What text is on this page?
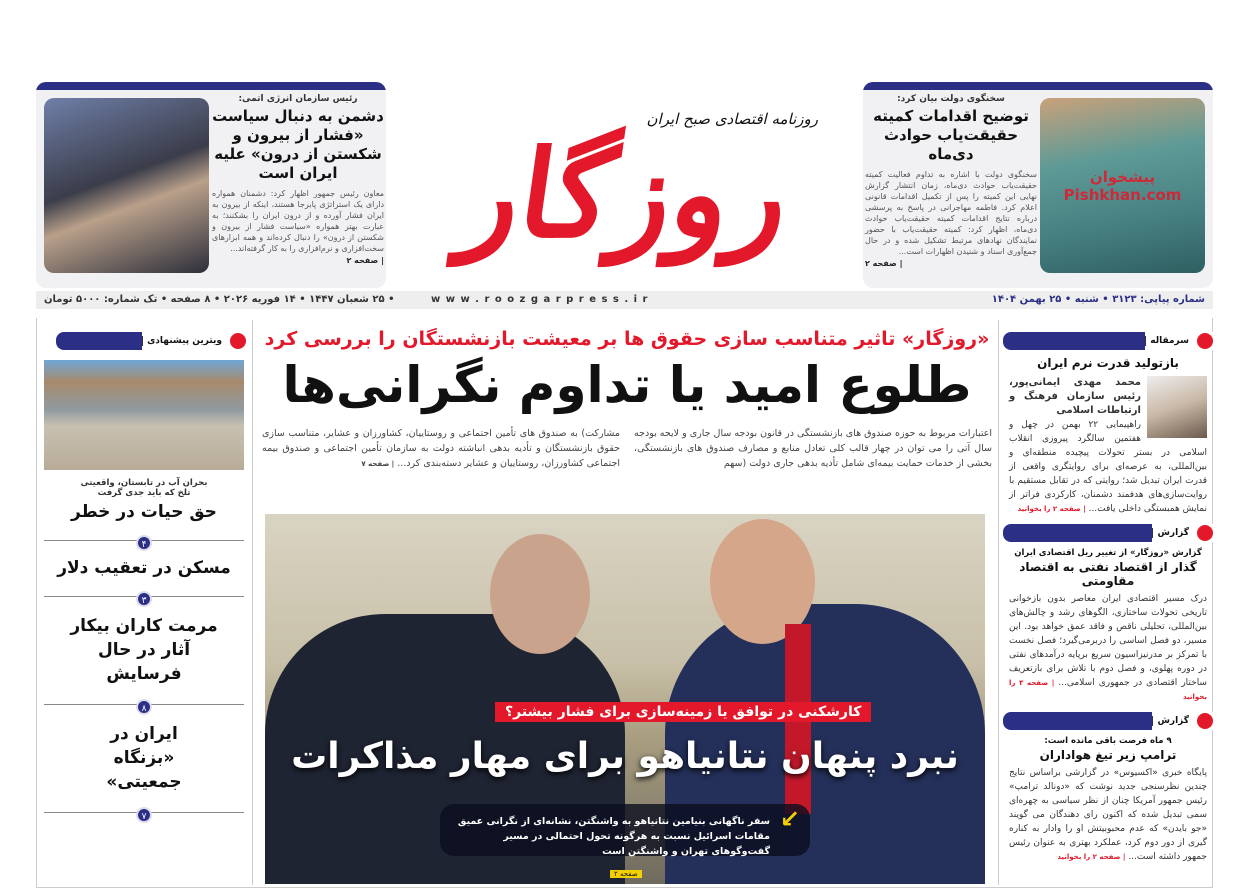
رئیس سازمان انرژی اتمی:
دشمن به دنبال سیاست «فشار از بیرون و شکستن از درون» علیه ایران است
معاون رئیس جمهور اظهار کرد: دشمنان همواره دارای یک استراتژی پابرجا هستند، اینکه از بیرون به ایران فشار آورده و از درون ایران را بشکنند؛ به عبارت بهتر همواره «سیاست فشار از بیرون و شکستن از درون» را دنبال کرده‌اند و همه ابزارهای سخت‌افزاری و نرم‌افزاری را به کار گرفته‌اند...
| صفحه ۲
روزنامه اقتصادی صبح ایران
روزگار	پیشخوان Pishkhan.com
سخنگوی دولت بیان کرد:
توضیح اقدامات کمیته حقیقت‌یاب حوادث دی‌ماه
سخنگوی دولت با اشاره به تداوم فعالیت کمیته حقیقت‌یاب حوادث دی‌ماه، زمان انتشار گزارش نهایی این کمیته را پس از تکمیل اقدامات قانونی اعلام کرد. فاطمه مهاجرانی در پاسخ به پرسشی درباره نتایج اقدامات کمیته حقیقت‌یاب حوادث دی‌ماه، اظهار کرد: کمیته حقیقت‌یاب با حضور نمایندگان نهادهای مرتبط تشکیل شده و در حال جمع‌آوری اسناد و شنیدن اظهارات است...
| صفحه ۲
شماره پیاپی: ۳۱۲۳ • شنبه • ۲۵ بهمن ۱۴۰۴
w w w . r o o z g a r p r e s s . i r
• ۲۵ شعبان ۱۴۴۷ • ۱۴ فوریه ۲۰۲۶ • ۸ صفحه • تک شماره: ۵۰۰۰ تومان
«روزگار» تاثیر متناسب سازی حقوق ها بر معیشت بازنشستگان را بررسی کرد
طلوع امید یا تداوم نگرانی‌ها
اعتبارات مربوط به حوزه صندوق های بازنشستگی در قانون بودجه سال جاری و لایحه بودجه سال آتی را می توان در چهار قالب کلی تعادل منابع و مصارف صندوق های بازنشستگی، بخشی از خدمات حمایت بیمه‌ای شامل تأدیه بدهی جاری دولت (سهم
مشارکت) به صندوق های تأمین اجتماعی و روستاییان، کشاورزان و عشایر، متناسب سازی حقوق بازنشستگان و تأدیه بدهی انباشته دولت به سازمان تأمین اجتماعی و صندوق بیمه اجتماعی کشاورزان، روستاییان و عشایر دسته‌بندی کرد... | صفحه ۷
کارشکنی در توافق یا زمینه‌سازی برای فشار بیشتر؟
نبرد پنهان نتانیاهو برای مهار مذاکرات
↙
سفر ناگهانی بنیامین نتانیاهو به واشنگتن، نشانه‌ای از نگرانی عمیق مقامات اسرائیل نسبت به هرگونه تحول احتمالی در مسیر گفت‌وگوهای تهران و واشنگتن است
صفحه ۲
ویترین پیشنهادی
بحران آب در تابستان، واقعیتی تلخ که باید جدی گرفت
حق حیات در خطر
۴
مسکن در تعقیب دلار
۳
مرمت کاران بیکار آثار در حال فرسایش
۸
ایران در «بزنگاه جمعیتی»
۷
سرمقاله
بازتولید قدرت نرم ایران
محمد مهدی ایمانی‌پور، رئیس سازمان فرهنگ و ارتباطات اسلامی
راهپیمایی ۲۲ بهمن در چهل و هفتمین سالگرد پیروزی انقلاب اسلامی در بستر تحولات پیچیده منطقه‌ای و بین‌المللی، به عرصه‌ای برای روایتگری واقعی از قدرت ایران تبدیل شد؛ روایتی که در تقابل مستقیم با روایت‌سازی‌های هدفمند دشمنان، کارکردی فراتر از نمایش همبستگی داخلی یافت... | صفحه ۲ را بخوانید
گزارش
گزارش «روزگار» از تغییر ریل اقتصادی ایران
گذار از اقتصاد نفتی به اقتصاد مقاومتی
درک مسیر اقتصادی ایران معاصر بدون بازخوانی تاریخی تحولات ساختاری، الگوهای رشد و چالش‌های بین‌المللی، تحلیلی ناقص و فاقد عمق خواهد بود. این مسیر، دو فصل اساسی را دربرمی‌گیرد؛ فصل نخست با تمرکز بر مدرنیزاسیون سریع برپایه درآمدهای نفتی در دوره پهلوی، و فصل دوم با تلاش برای بازتعریف ساختار اقتصادی در جمهوری اسلامی... | صفحه ۳ را بخوانید
گزارش
۹ ماه فرصت باقی مانده است:
ترامپ زیر تیغ هواداران
پایگاه خبری «اکسیوس» در گزارشی براساس نتایج چندین نظرسنجی جدید نوشت که «دونالد ترامپ» رئیس جمهور آمریکا چنان از نظر سیاسی به چهره‌ای سمی تبدیل شده که اکنون رای دهندگان می گویند «جو بایدن» که عدم محبوبیتش او را وادار به کناره گیری از دور دوم کرد، عملکرد بهتری به عنوان رئیس جمهور داشته است... | صفحه ۲ را بخوانید
